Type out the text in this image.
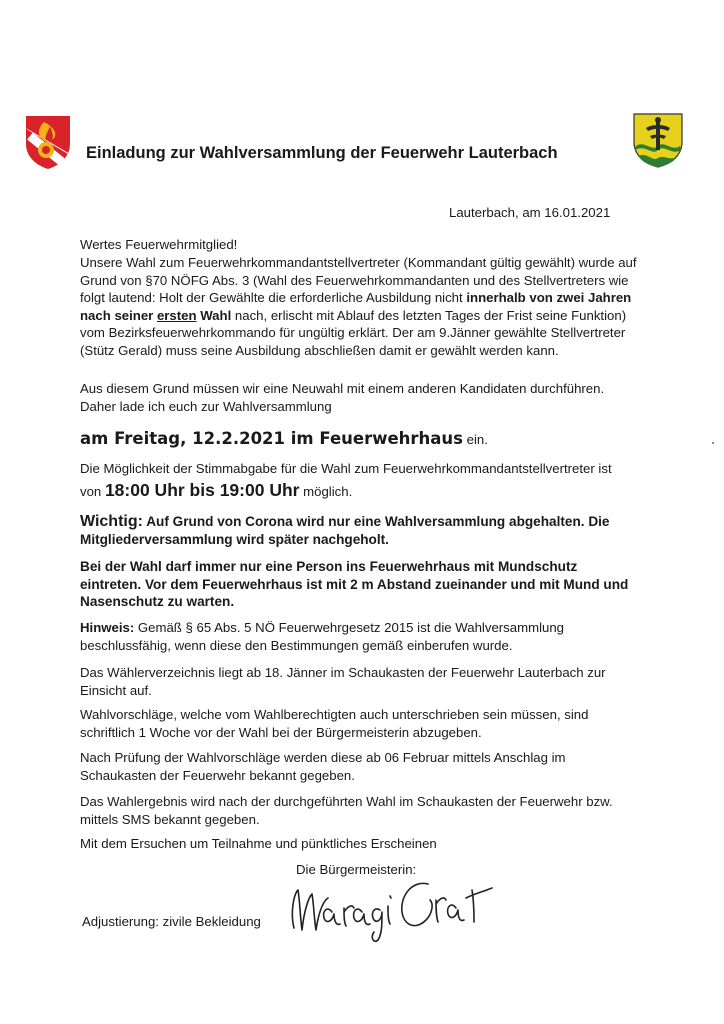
Einladung zur Wahlversammlung der Feuerwehr Lauterbach
Lauterbach, am 16.01.2021

Wertes Feuerwehrmitglied!

Unsere Wahl zum Feuerwehrkommandantstellvertreter (Kommandant gültig gewählt) wurde auf Grund von §70 NÖFG Abs. 3 (Wahl des Feuerwehrkommandanten und des Stellvertreters wie folgt lautend: Holt der Gewählte die erforderliche Ausbildung nicht innerhalb von zwei Jahren nach seiner ersten Wahl nach, erlischt mit Ablauf des letzten Tages der Frist seine Funktion) vom Bezirksfeuerwehrkommando für ungültig erklärt. Der am 9.Jänner gewählte Stellvertreter (Stütz Gerald) muss seine Ausbildung abschließen damit er gewählt werden kann.

Aus diesem Grund müssen wir eine Neuwahl mit einem anderen Kandidaten durchführen. Daher lade ich euch zur Wahlversammlung

am Freitag, 12.2.2021 im Feuerwehrhaus ein.

Die Möglichkeit der Stimmabgabe für die Wahl zum Feuerwehrkommandantstellvertreter ist

von 18:00 Uhr bis 19:00 Uhr möglich.

Wichtig: Auf Grund von Corona wird nur eine Wahlversammlung abgehalten. Die Mitgliederversammlung wird später nachgeholt.

Bei der Wahl darf immer nur eine Person ins Feuerwehrhaus mit Mundschutz eintreten. Vor dem Feuerwehrhaus ist mit 2 m Abstand zueinander und mit Mund und Nasenschutz zu warten.

Hinweis: Gemäß § 65 Abs. 5 NÖ Feuerwehrgesetz 2015 ist die Wahlversammlung beschlussfähig, wenn diese den Bestimmungen gemäß einberufen wurde.

Das Wählerverzeichnis liegt ab 18. Jänner im Schaukasten der Feuerwehr Lauterbach zur Einsicht auf.

Wahlvorschläge, welche vom Wahlberechtigten auch unterschrieben sein müssen, sind schriftlich 1 Woche vor der Wahl bei der Bürgermeisterin abzugeben.

Nach Prüfung der Wahlvorschläge werden diese ab 06 Februar mittels Anschlag im Schaukasten der Feuerwehr bekannt gegeben.

Das Wahlergebnis wird nach der durchgeführten Wahl im Schaukasten der Feuerwehr bzw. mittels SMS bekannt gegeben.

Mit dem Ersuchen um Teilnahme und pünktliches Erscheinen

Die Bürgermeisterin:
Adjustierung: zivile Bekleidung
